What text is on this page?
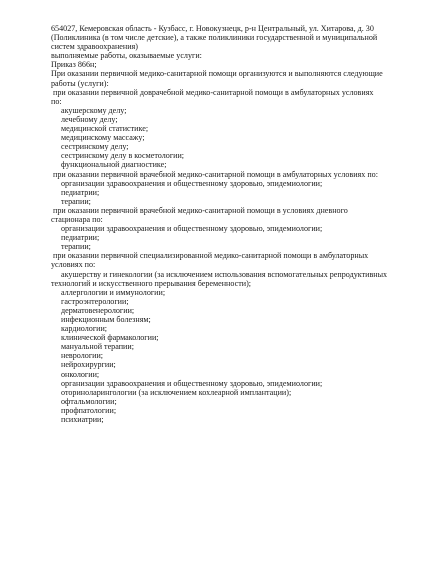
654027, Кемеровская область - Кузбасс, г. Новокузнецк, р-н Центральный, ул. Хитарова, д. 30
(Поликлиника (в том числе детские), а также поликлиники государственной и муниципальной
систем здравоохранения)
выполняемые работы, оказываемые услуги:
Приказ 866н;
При оказании первичной медико-санитарной помощи организуются и выполняются следующие
работы (услуги):
при оказании первичной доврачебной медико-санитарной помощи в амбулаторных условиях
по:
акушерскому делу;
лечебному делу;
медицинской статистике;
медицинскому массажу;
сестринскому делу;
сестринскому делу в косметологии;
функциональной диагностике;
при оказании первичной врачебной медико-санитарной помощи в амбулаторных условиях по:
организации здравоохранения и общественному здоровью, эпидемиологии;
педиатрии;
терапии;
при оказании первичной врачебной медико-санитарной помощи в условиях дневного
стационара по:
организации здравоохранения и общественному здоровью, эпидемиологии;
педиатрии;
терапии;
при оказании первичной специализированной медико-санитарной помощи в амбулаторных
условиях по:
акушерству и гинекологии (за исключением использования вспомогательных репродуктивных
технологий и искусственного прерывания беременности);
аллергологии и иммунологии;
гастроэнтерологии;
дерматовенерологии;
инфекционным болезням;
кардиологии;
клинической фармакологии;
мануальной терапии;
неврологии;
нейрохирургии;
онкологии;
организации здравоохранения и общественному здоровью, эпидемиологии;
оториноларингологии (за исключением кохлеарной имплантации);
офтальмологии;
профпатологии;
психиатрии;
